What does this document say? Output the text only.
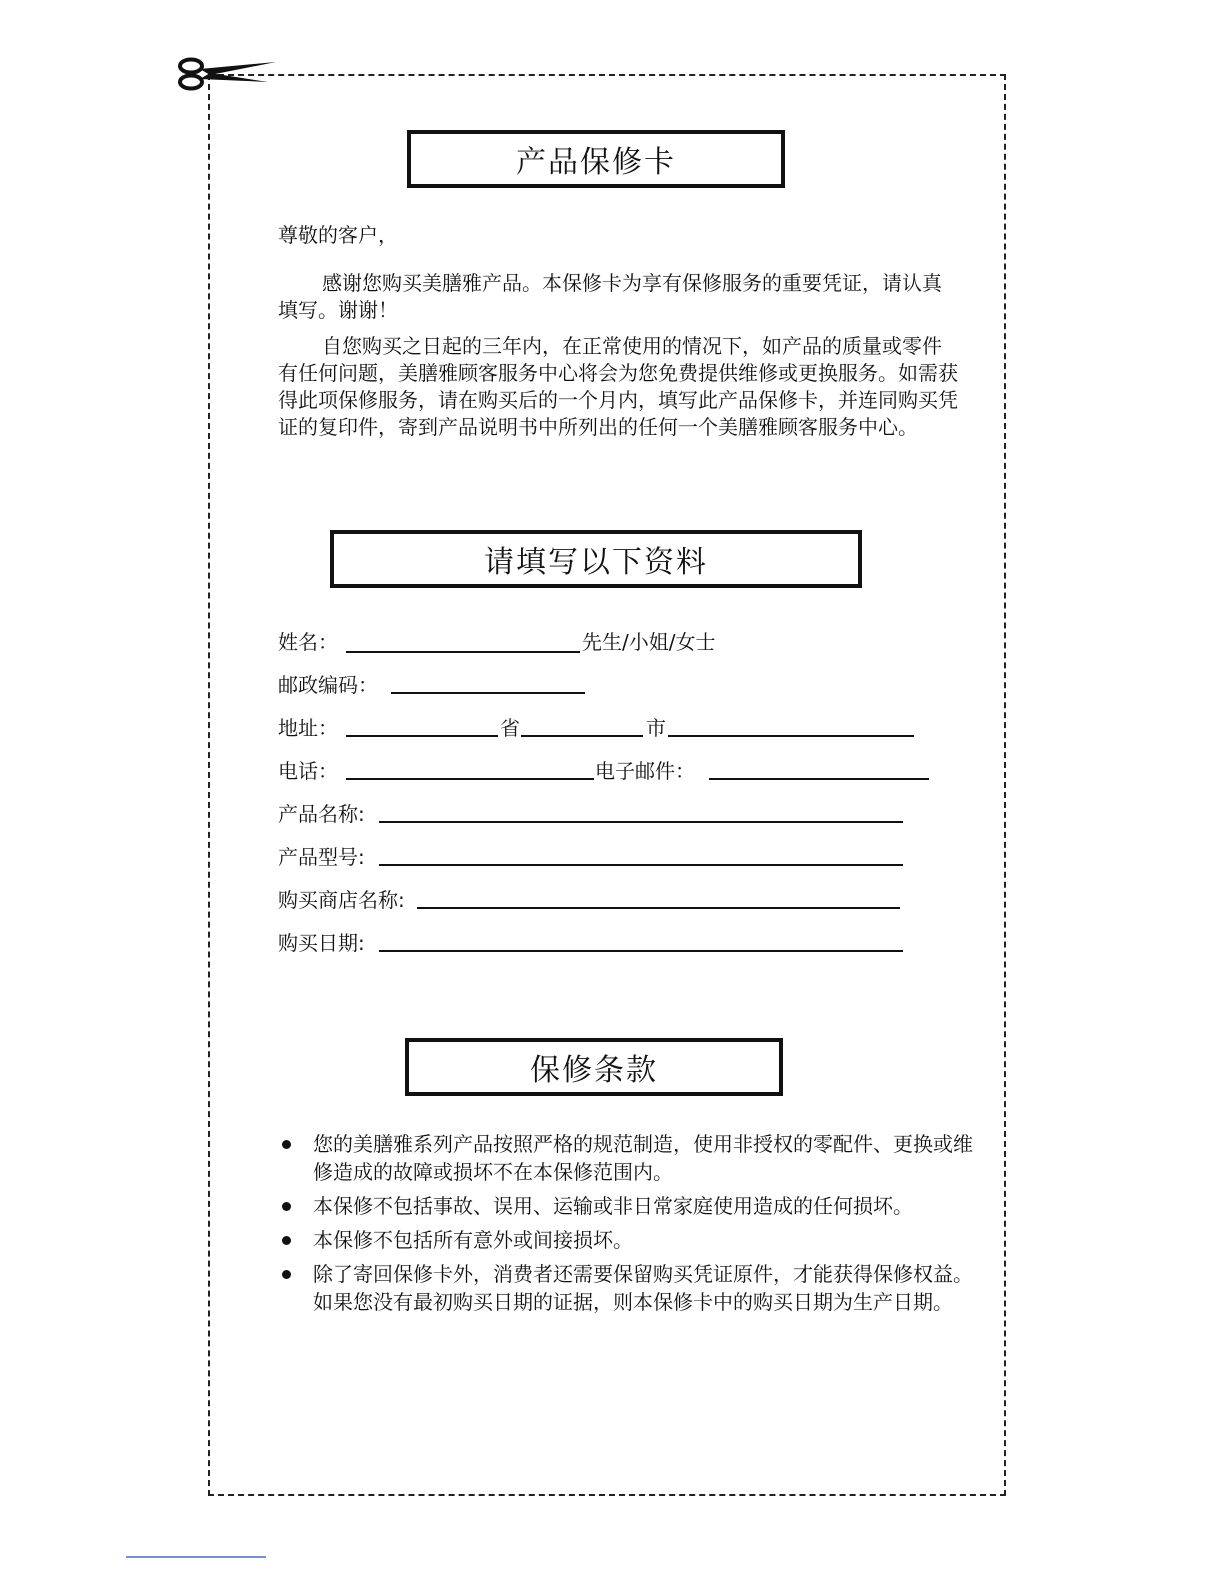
产品保修卡
尊敬的客户，
感谢您购买美膳雅产品。本保修卡为享有保修服务的重要凭证，请认真填写。谢谢！
自您购买之日起的三年内，在正常使用的情况下，如产品的质量或零件有任何问题，美膳雅顾客服务中心将会为您免费提供维修或更换服务。如需获得此项保修服务，请在购买后的一个月内，填写此产品保修卡，并连同购买凭证的复印件，寄到产品说明书中所列出的任何一个美膳雅顾客服务中心。
请填写以下资料
姓名：	先生/小姐/女士
邮政编码：
地址：	省	市
电话：	电子邮件：
产品名称:
产品型号:
购买商店名称:
购买日期:
保修条款
您的美膳雅系列产品按照严格的规范制造，使用非授权的零配件、更换或维修造成的故障或损坏不在本保修范围内。
本保修不包括事故、误用、运输或非日常家庭使用造成的任何损坏。
本保修不包括所有意外或间接损坏。
除了寄回保修卡外，消费者还需要保留购买凭证原件，才能获得保修权益。如果您没有最初购买日期的证据，则本保修卡中的购买日期为生产日期。
